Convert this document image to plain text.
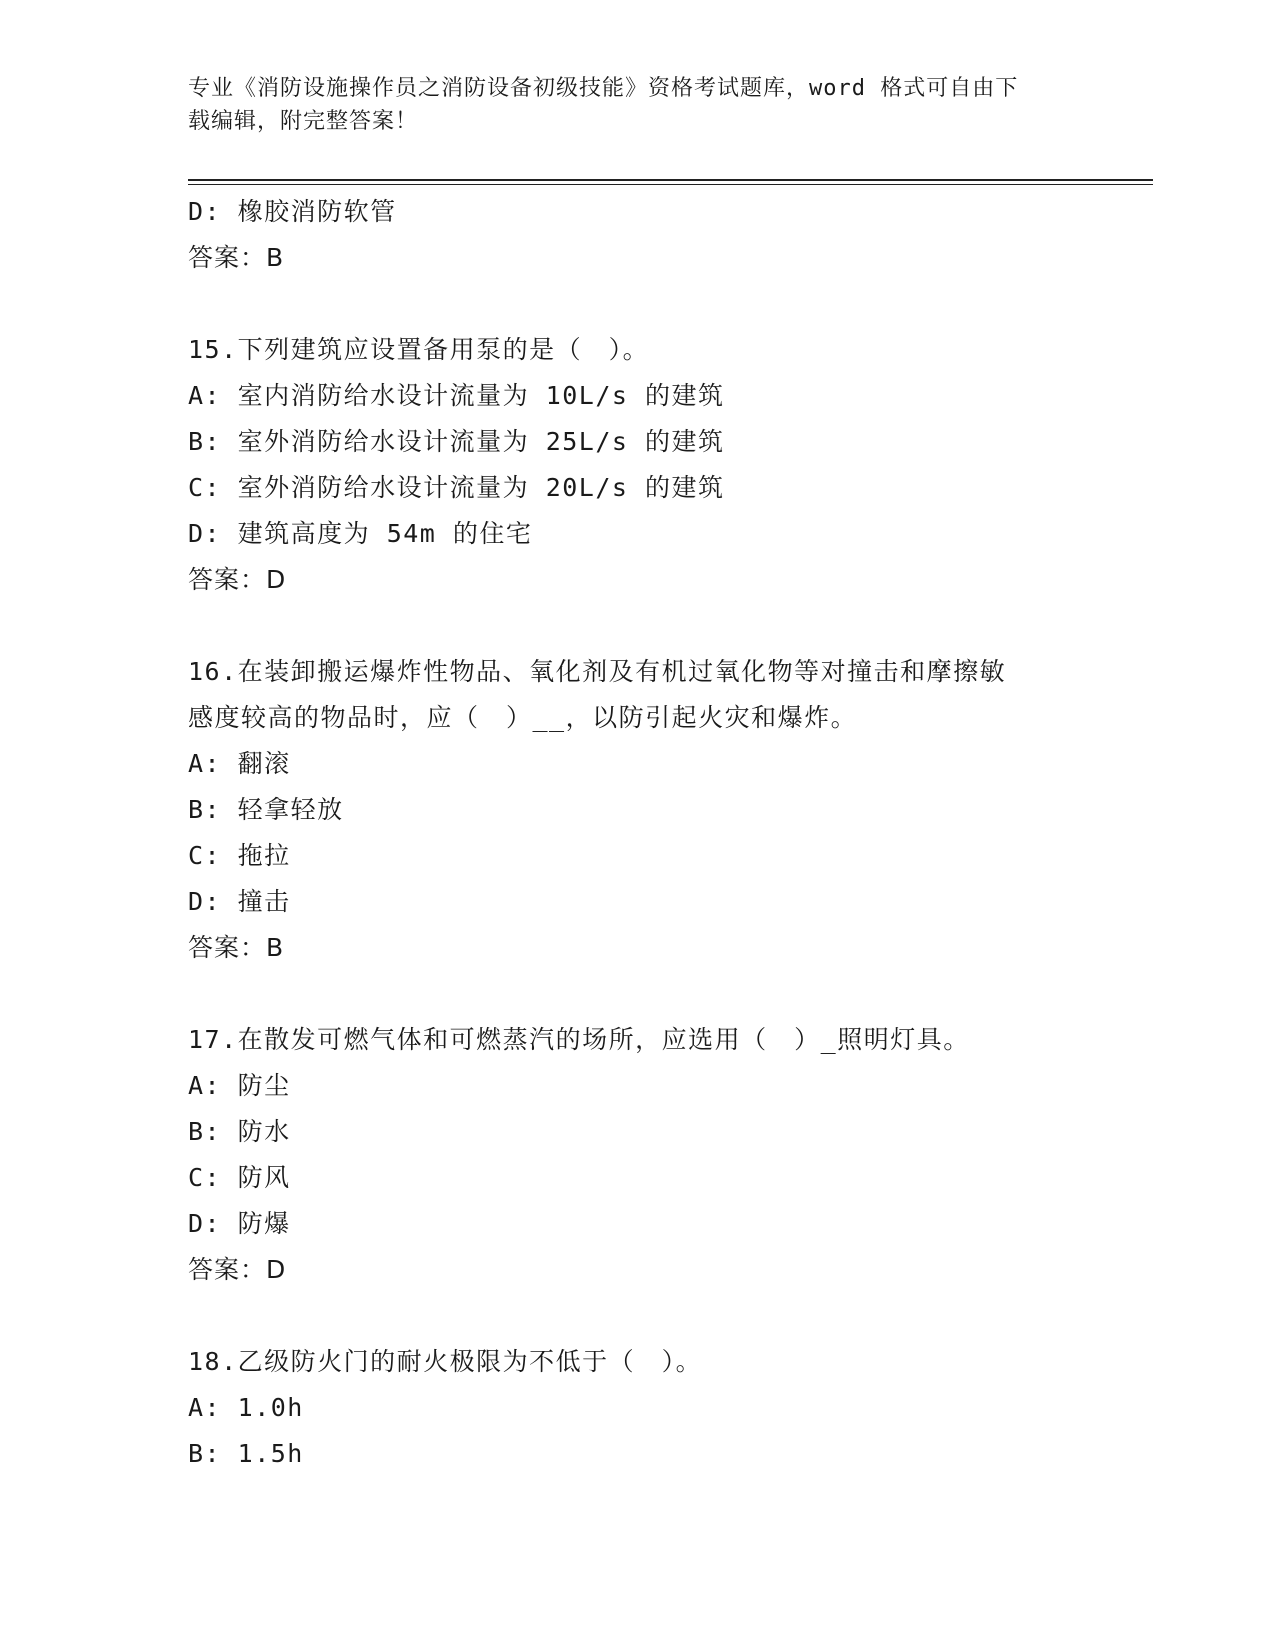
专业《消防设施操作员之消防设备初级技能》资格考试题库，word 格式可自由下
载编辑，附完整答案！
D: 橡胶消防软管
答案：B
15.下列建筑应设置备用泵的是（　）。
A: 室内消防给水设计流量为 10L/s 的建筑
B: 室外消防给水设计流量为 25L/s 的建筑
C: 室外消防给水设计流量为 20L/s 的建筑
D: 建筑高度为 54m 的住宅
答案：D
16.在装卸搬运爆炸性物品、氧化剂及有机过氧化物等对撞击和摩擦敏
感度较高的物品时，应（　）__，以防引起火灾和爆炸。
A: 翻滚
B: 轻拿轻放
C: 拖拉
D: 撞击
答案：B
17.在散发可燃气体和可燃蒸汽的场所，应选用（　）_照明灯具。
A: 防尘
B: 防水
C: 防风
D: 防爆
答案：D
18.乙级防火门的耐火极限为不低于（　）。
A: 1.0h
B: 1.5h
